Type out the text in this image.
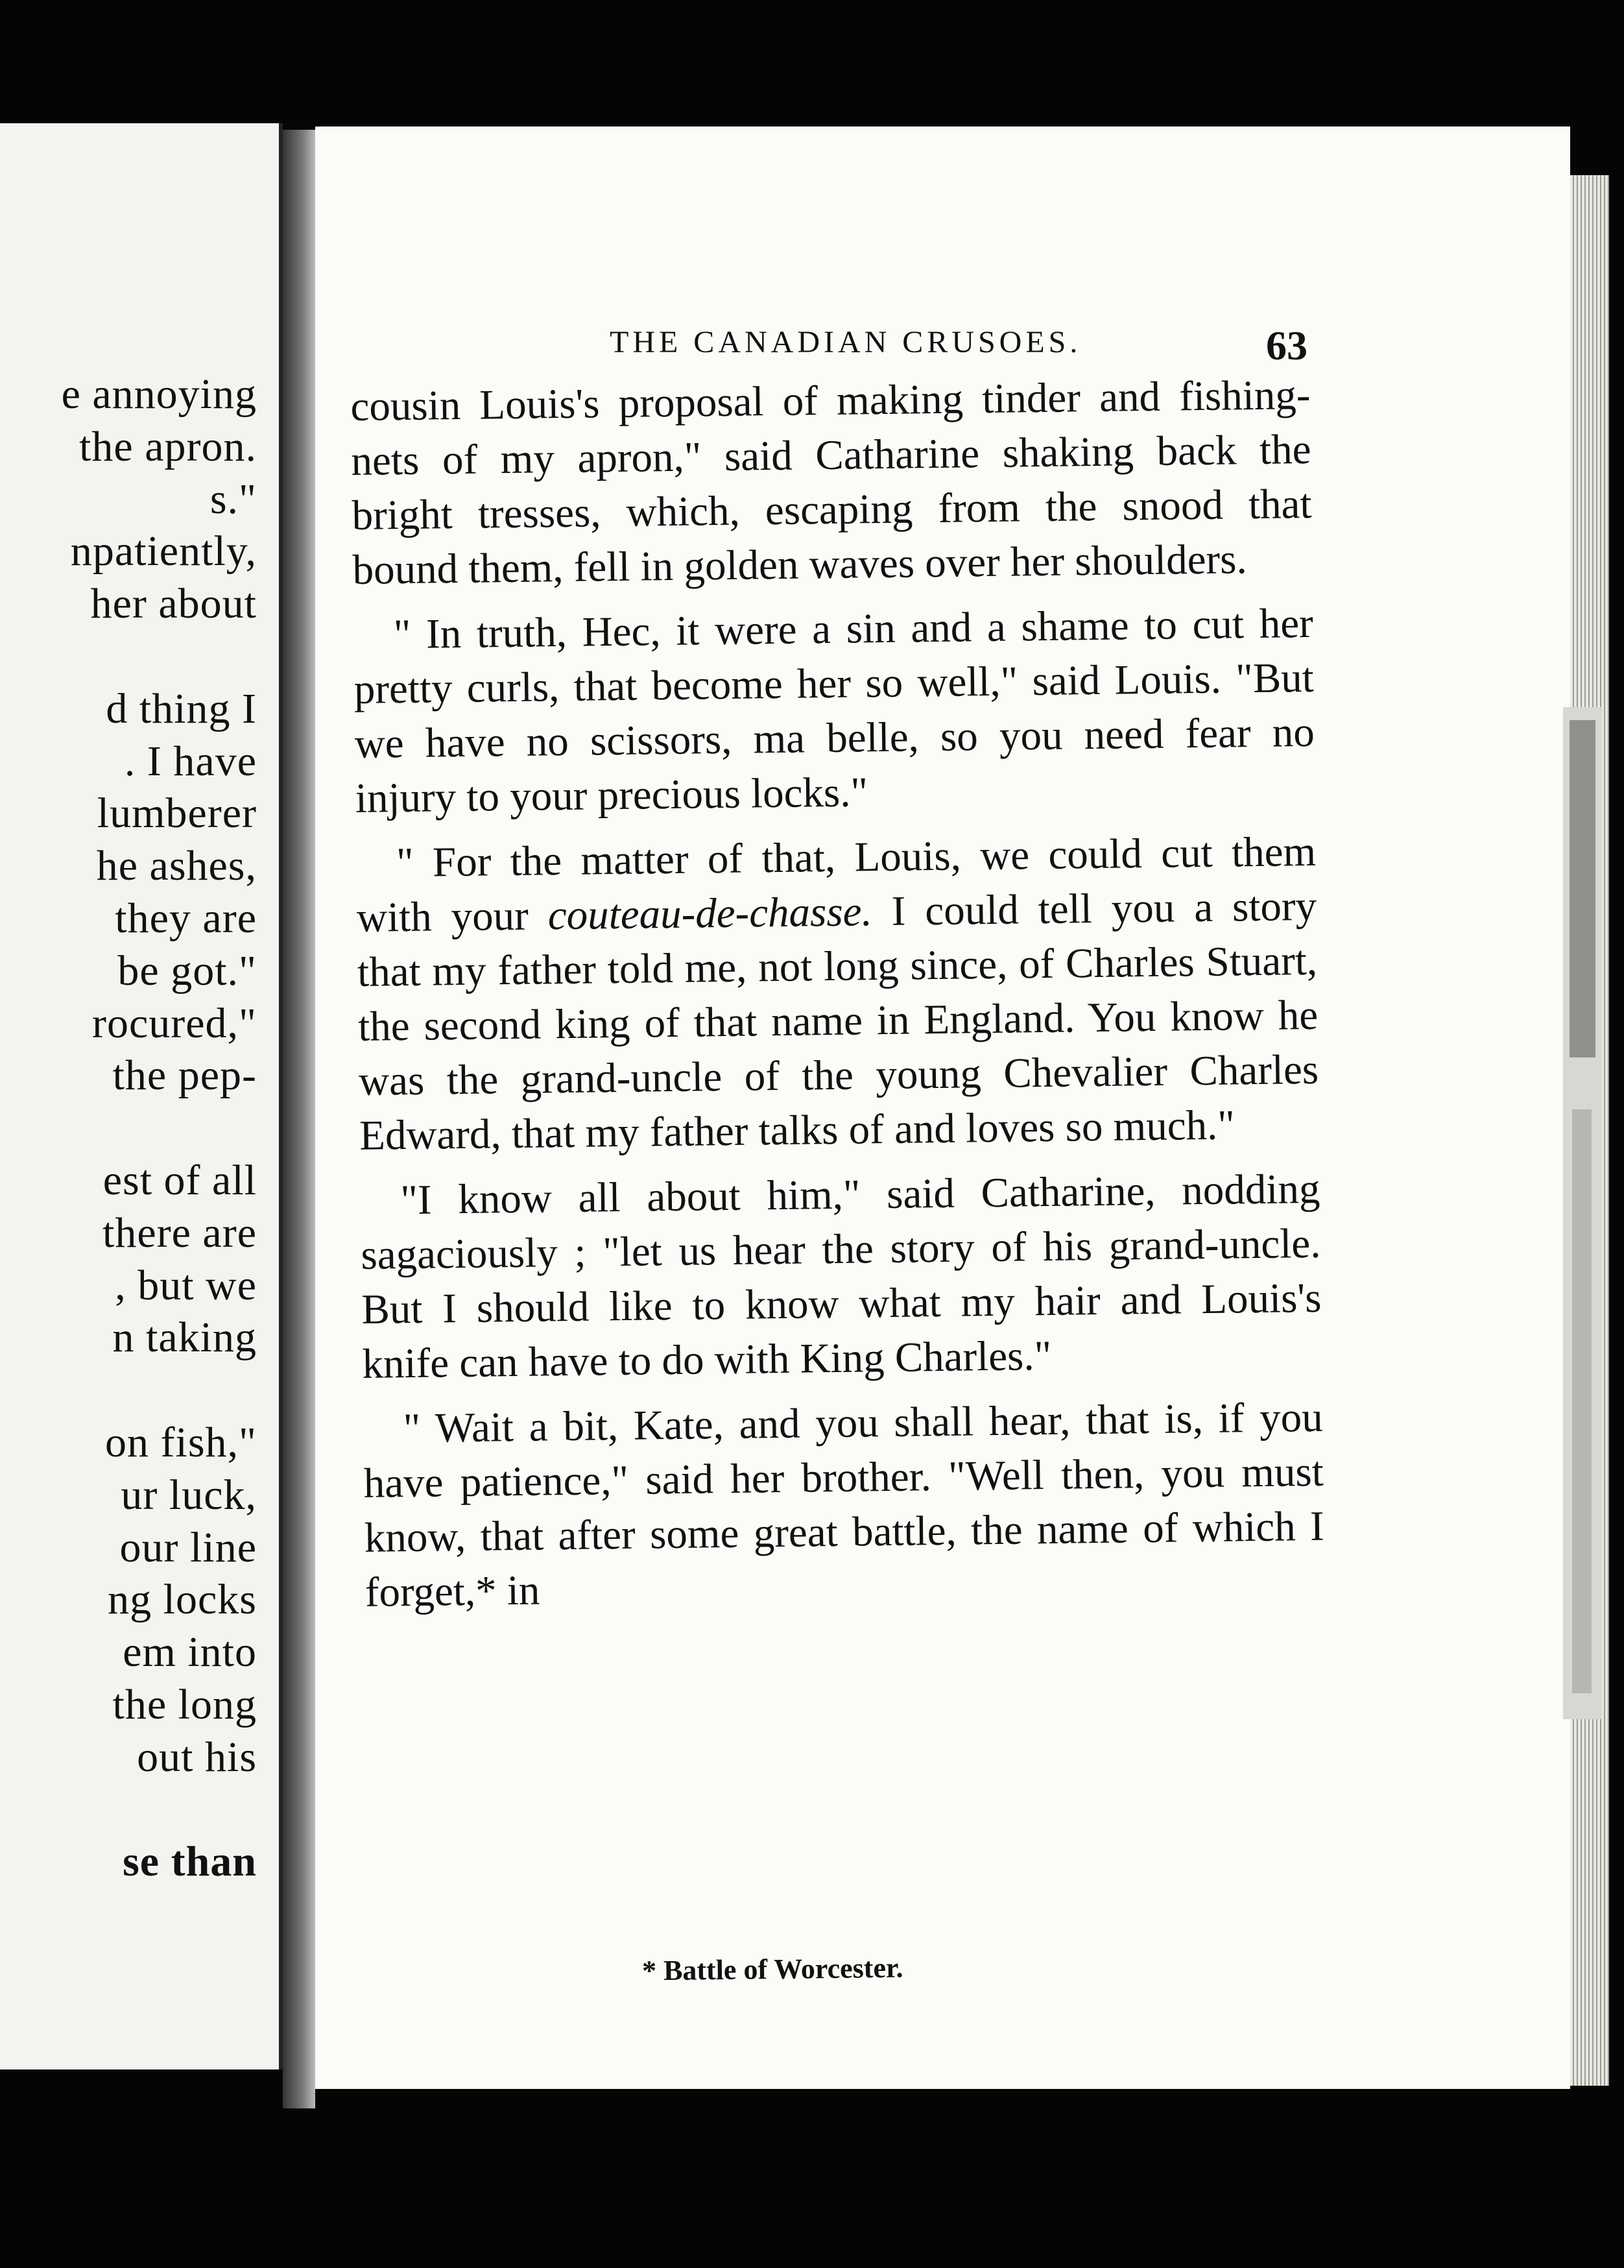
e annoying
the apron.
s."
npatiently,
her about
d thing I
. I have
lumberer
he ashes,
they are
be got."
rocured,"
the pep-
est of all
there are
, but we
n taking
on fish,"
ur luck,
our line
ng locks
em into
the long
out his
se than
THE CANADIAN CRUSOES.	63

cousin Louis's proposal of making tinder and fishing-nets of my apron," said Catharine shaking back the bright tresses, which, escaping from the snood that bound them, fell in golden waves over her shoulders.

" In truth, Hec, it were a sin and a shame to cut her pretty curls, that become her so well," said Louis. "But we have no scissors, ma belle, so you need fear no injury to your precious locks."

" For the matter of that, Louis, we could cut them with your couteau-de-chasse. I could tell you a story that my father told me, not long since, of Charles Stuart, the second king of that name in England. You know he was the grand-uncle of the young Chevalier Charles Edward, that my father talks of and loves so much."

"I know all about him," said Catharine, nodding sagaciously ; "let us hear the story of his grand-uncle. But I should like to know what my hair and Louis's knife can have to do with King Charles."

" Wait a bit, Kate, and you shall hear, that is, if you have patience," said her brother. "Well then, you must know, that after some great battle, the name of which I forget,* in

* Battle of Worcester.
